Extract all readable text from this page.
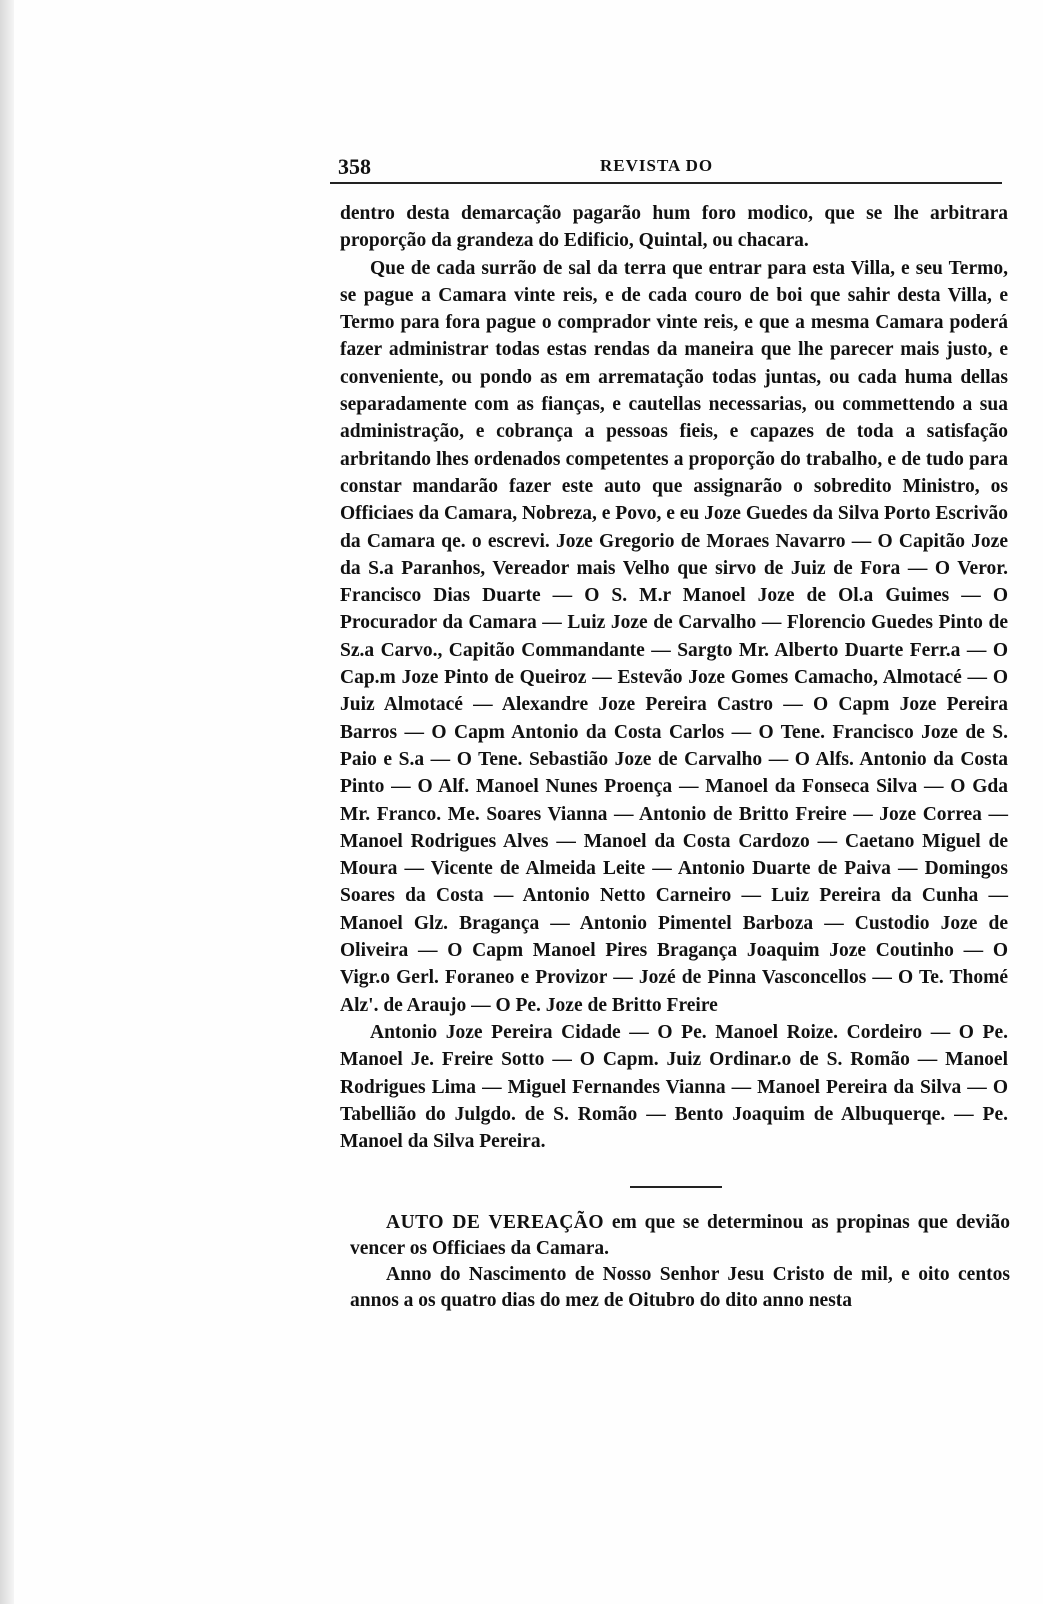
358	REVISTA DO

dentro desta demarcação pagarão hum foro modico, que se lhe arbitrara proporção da grandeza do Edificio, Quintal, ou chacara.

Que de cada surrão de sal da terra que entrar para esta Villa, e seu Termo, se pague a Camara vinte reis, e de cada couro de boi que sahir desta Villa, e Termo para fora pague o comprador vinte reis, e que a mesma Camara poderá fazer administrar todas estas rendas da maneira que lhe parecer mais justo, e conveniente, ou pondo as em arrematação todas juntas, ou cada huma dellas separadamente com as fianças, e cautellas necessarias, ou commettendo a sua administração, e cobrança a pessoas fieis, e capazes de toda a satisfação arbritando lhes ordenados competentes a proporção do trabalho, e de tudo para constar mandarão fazer este auto que assignarão o sobredito Ministro, os Officiaes da Camara, Nobreza, e Povo, e eu Joze Guedes da Silva Porto Escrivão da Camara qe. o escrevi. Joze Gregorio de Moraes Navarro — O Capitão Joze da S.a Paranhos, Vereador mais Velho que sirvo de Juiz de Fora — O Veror. Francisco Dias Duarte — O S. M.r Manoel Joze de Ol.a Guimes — O Procurador da Camara — Luiz Joze de Carvalho — Florencio Guedes Pinto de Sz.a Carvo., Capitão Commandante — Sargto Mr. Alberto Duarte Ferr.a — O Cap.m Joze Pinto de Queiroz — Estevão Joze Gomes Camacho, Almotacé — O Juiz Almotacé — Alexandre Joze Pereira Castro — O Capm Joze Pereira Barros — O Capm Antonio da Costa Carlos — O Tene. Francisco Joze de S. Paio e S.a — O Tene. Sebastião Joze de Carvalho — O Alfs. Antonio da Costa Pinto — O Alf. Manoel Nunes Proença — Manoel da Fonseca Silva — O Gda Mr. Franco. Me. Soares Vianna — Antonio de Britto Freire — Joze Correa — Manoel Rodrigues Alves — Manoel da Costa Cardozo — Caetano Miguel de Moura — Vicente de Almeida Leite — Antonio Duarte de Paiva — Domingos Soares da Costa — Antonio Netto Carneiro — Luiz Pereira da Cunha — Manoel Glz. Bragança — Antonio Pimentel Barboza — Custodio Joze de Oliveira — O Capm Manoel Pires Bragança Joaquim Joze Coutinho — O Vigr.o Gerl. Foraneo e Provizor — Jozé de Pinna Vasconcellos — O Te. Thomé Alz'. de Araujo — O Pe. Joze de Britto Freire

Antonio Joze Pereira Cidade — O Pe. Manoel Roize. Cordeiro — O Pe. Manoel Je. Freire Sotto — O Capm. Juiz Ordinar.o de S. Romão — Manoel Rodrigues Lima — Miguel Fernandes Vianna — Manoel Pereira da Silva — O Tabellião do Julgdo. de S. Romão — Bento Joaquim de Albuquerqe. — Pe. Manoel da Silva Pereira.

AUTO DE VEREAÇÃO em que se determinou as propinas que devião vencer os Officiaes da Camara.

Anno do Nascimento de Nosso Senhor Jesu Cristo de mil, e oito centos annos a os quatro dias do mez de Oitubro do dito anno nesta
